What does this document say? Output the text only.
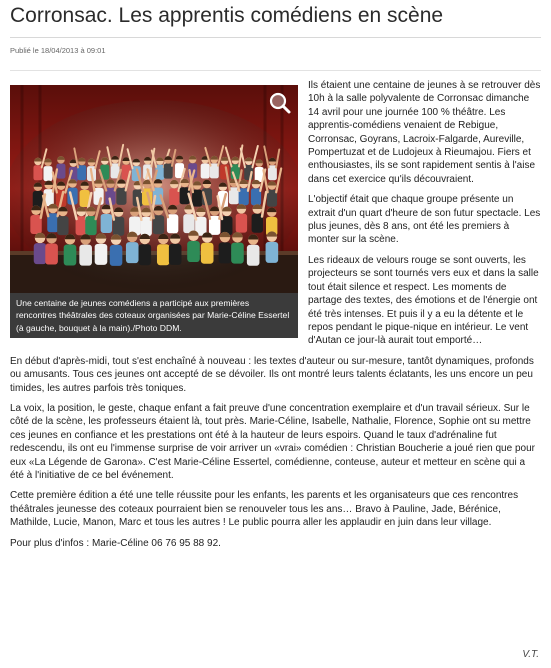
Corronsac. Les apprentis comédiens en scène
Publié le 18/04/2013 à 09:01
Une centaine de jeunes comédiens a participé aux premières rencontres théâtrales des coteaux organisées par Marie-Céline Essertel (à gauche, bouquet à la main)./Photo DDM.

Ils étaient une centaine de jeunes à se retrouver dès 10h à la salle polyvalente de Corronsac dimanche 14 avril pour une journée 100 % théâtre. Les apprentis-comédiens venaient de Rebigue, Corronsac, Goyrans, Lacroix-Falgarde, Aureville, Pompertuzat et de Ludojeux à Rieumajou. Fiers et enthousiastes, ils se sont rapidement sentis à l'aise dans cet exercice qu'ils découvraient.

L'objectif était que chaque groupe présente un extrait d'un quart d'heure de son futur spectacle. Les plus jeunes, dès 8 ans, ont été les premiers à monter sur la scène.

Les rideaux de velours rouge se sont ouverts, les projecteurs se sont tournés vers eux et dans la salle tout était silence et respect. Les moments de partage des textes, des émotions et de l'énergie ont été très intenses. Et puis il y a eu la détente et le repos pendant le pique-nique en intérieur. Le vent d'Autan ce jour-là aurait tout emporté…

En début d'après-midi, tout s'est enchaîné à nouveau : les textes d'auteur ou sur-mesure, tantôt dynamiques, profonds ou amusants. Tous ces jeunes ont accepté de se dévoiler. Ils ont montré leurs talents éclatants, les uns encore un peu timides, les autres parfois très toniques.

La voix, la position, le geste, chaque enfant a fait preuve d'une concentration exemplaire et d'un travail sérieux. Sur le côté de la scène, les professeurs étaient là, tout près. Marie-Céline, Isabelle, Nathalie, Florence, Sophie ont su mettre ces jeunes en confiance et les prestations ont été à la hauteur de leurs espoirs. Quand le taux d'adrénaline fut redescendu, ils ont eu l'immense surprise de voir arriver un «vrai» comédien : Christian Boucherie a joué rien que pour eux «La Légende de Garona». C'est Marie-Céline Essertel, comédienne, conteuse, auteur et metteur en scène qui a été à l'initiative de ce bel événement.

Cette première édition a été une telle réussite pour les enfants, les parents et les organisateurs que ces rencontres théâtrales jeunesse des coteaux pourraient bien se renouveler tous les ans… Bravo à Pauline, Jade, Bérénice, Mathilde, Lucie, Manon, Marc et tous les autres ! Le public pourra aller les applaudir en juin dans leur village.

Pour plus d'infos : Marie-Céline 06 76 95 88 92.

V.T.
